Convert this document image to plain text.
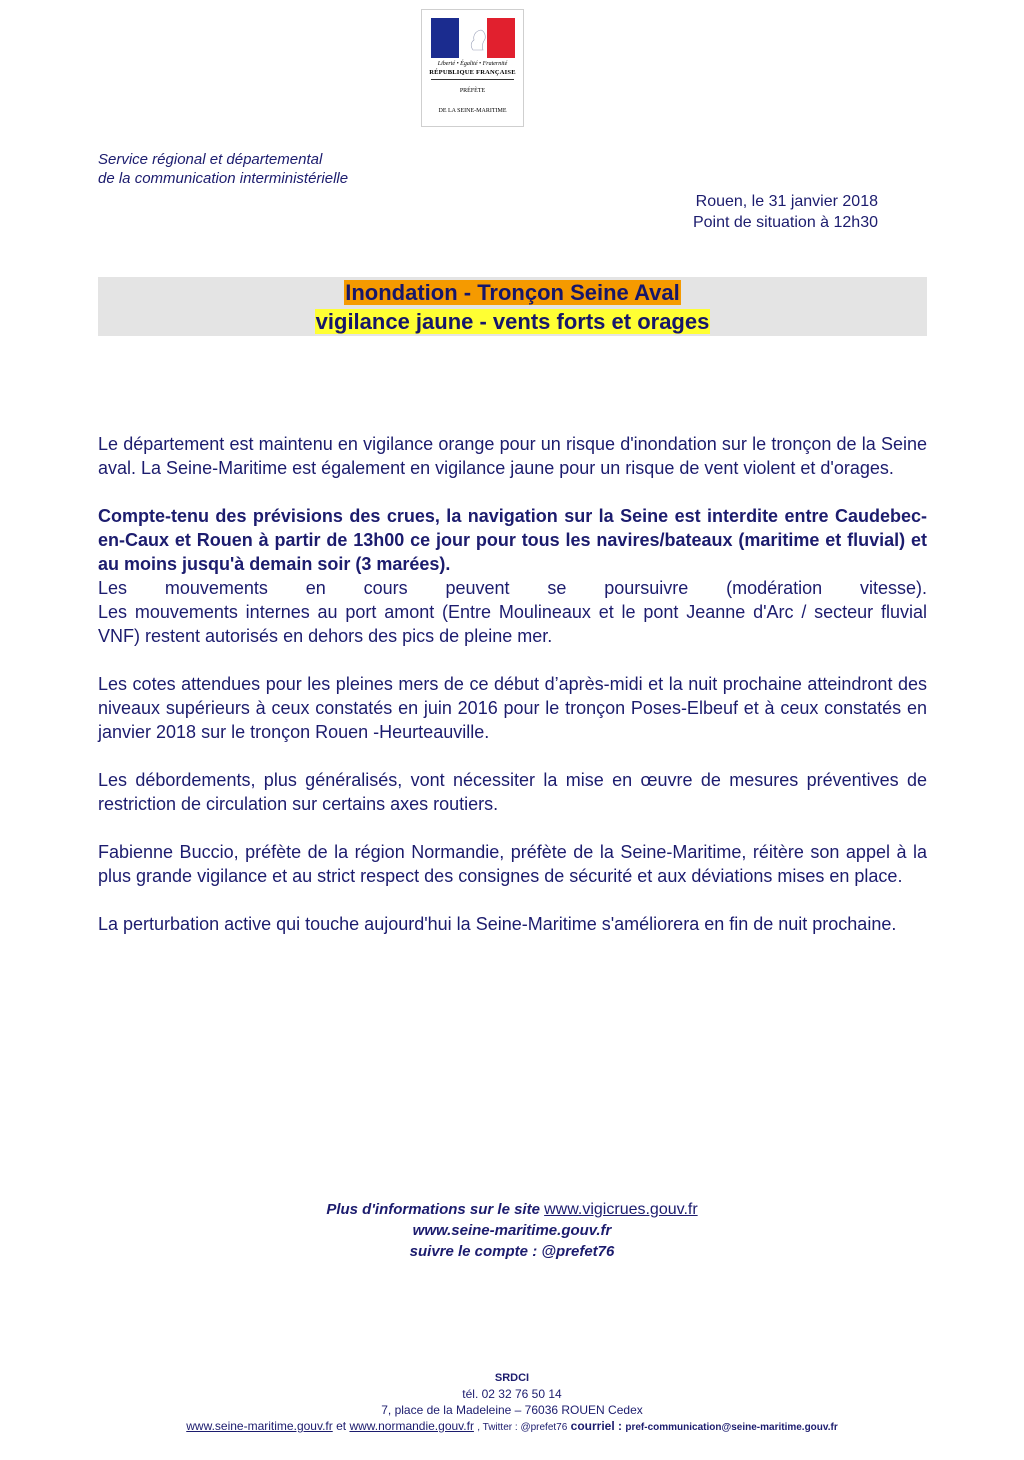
Liberté • Égalité • Fraternité
RÉPUBLIQUE FRANÇAISE
PRÉFÈTE
DE LA SEINE-MARITIME
Service régional et départemental
de la communication interministérielle
Rouen, le 31 janvier 2018
Point de situation à 12h30
Inondation - Tronçon Seine Aval
vigilance jaune - vents forts et orages

Le département est maintenu en vigilance orange pour un risque d'inondation sur le tronçon de la Seine aval. La Seine-Maritime est également en vigilance jaune pour un risque de vent violent et d'orages.

Compte-tenu des prévisions des crues, la navigation sur la Seine est interdite entre Caudebec-en-Caux et Rouen à partir de 13h00 ce jour pour tous les navires/bateaux (maritime et fluvial) et au moins jusqu'à demain soir (3 marées).
Les mouvements en cours peuvent se poursuivre (modération vitesse).
Les mouvements internes au port amont (Entre Moulineaux et le pont Jeanne d'Arc / secteur fluvial VNF) restent autorisés en dehors des pics de pleine mer.

Les cotes attendues pour les pleines mers de ce début d’après-midi et la nuit prochaine atteindront des niveaux supérieurs à ceux constatés en juin 2016 pour le tronçon Poses-Elbeuf et à ceux constatés en janvier 2018 sur le tronçon Rouen -Heurteauville.

Les débordements, plus généralisés, vont nécessiter la mise en œuvre de mesures préventives de restriction de circulation sur certains axes routiers.

Fabienne Buccio, préfète de la région Normandie, préfète de la Seine-Maritime, réitère son appel à la plus grande vigilance et au strict respect des consignes de sécurité et aux déviations mises en place.

La perturbation active qui touche aujourd'hui la Seine-Maritime s'améliorera en fin de nuit prochaine.

Plus d'informations sur le site www.vigicrues.gouv.fr
www.seine-maritime.gouv.fr
suivre le compte : @prefet76
SRDCI
tél. 02 32 76 50 14
7, place de la Madeleine – 76036 ROUEN Cedex
www.seine-maritime.gouv.fr et www.normandie.gouv.fr , Twitter : @prefet76 courriel : pref-communication@seine-maritime.gouv.fr
